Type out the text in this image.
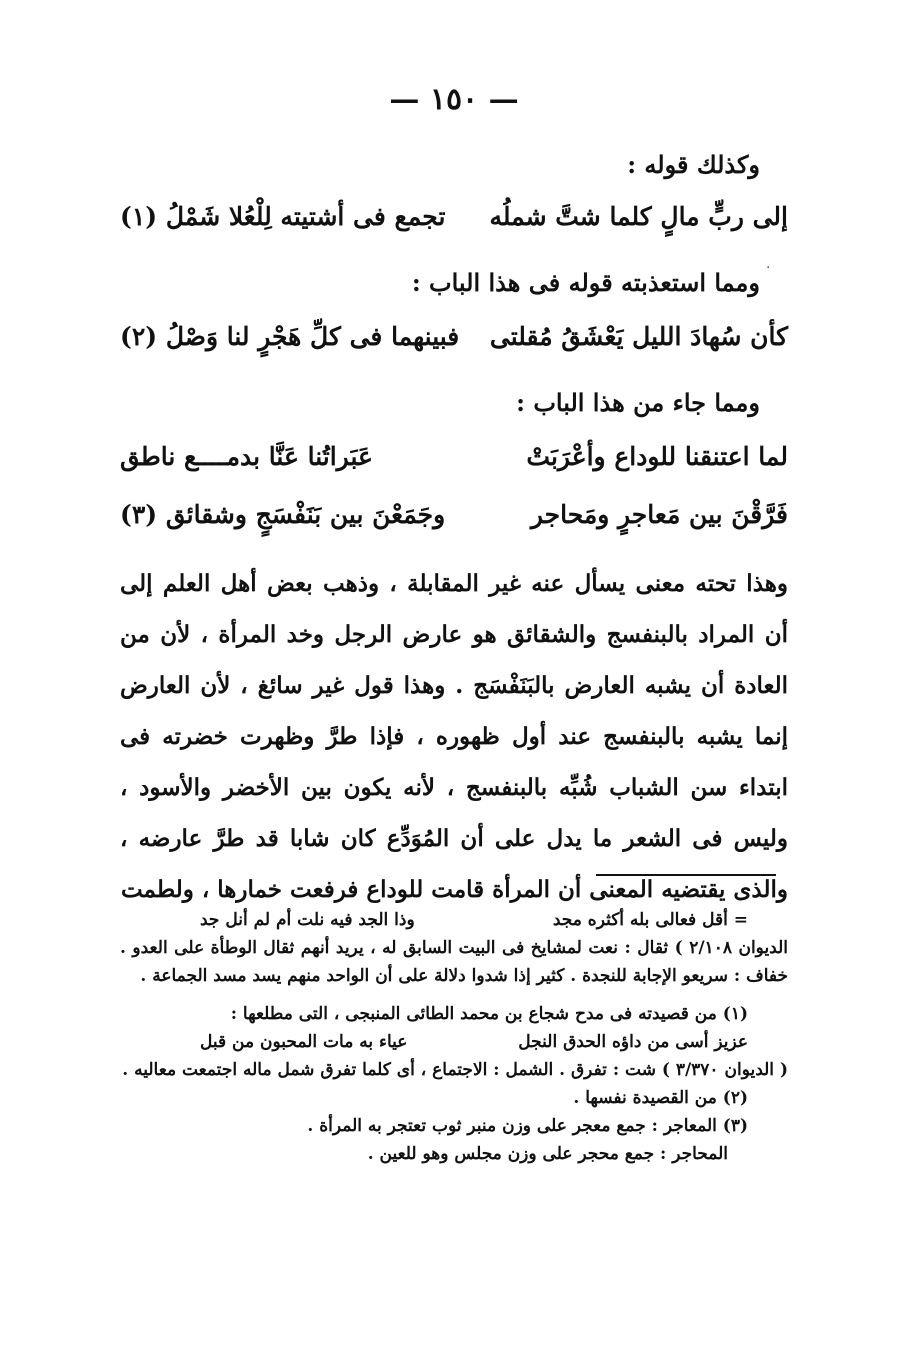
— ١٥٠ —
وكذلك قوله :
إلى ربٍّ مالٍ كلما شتَّ شملُه
تجمع فى أشتيته لِلْعُلا شَمْلُ (١)
ومما استعذبته قوله فى هذا الباب :
كأن سُهادَ الليل يَعْشَقُ مُقلتى
فبينهما فى كلِّ هَجْرٍ لنا وَصْلُ (٢)
ومما جاء من هذا الباب :
لما اعتنقنا للوداع وأعْرَبَتْ
عَبَراتُنا عَنَّا بدمــــع ناطق
فَرَّقْنَ بين مَعاجرٍ ومَحاجر
وجَمَعْنَ بين بَنَفْسَجٍ وشقائق (٣)

وهذا تحته معنى يسأل عنه غير المقابلة ، وذهب بعض أهل العلم إلى أن المراد بالبنفسج والشقائق هو عارض الرجل وخد المرأة ، لأن من العادة أن يشبه العارض بالبَنَفْسَج . وهذا قول غير سائغ ، لأن العارض إنما يشبه بالبنفسج عند أول ظهوره ، فإذا طرَّ وظهرت خضرته فى ابتداء سن الشباب شُبِّه بالبنفسج ، لأنه يكون بين الأخضر والأسود ، وليس فى الشعر ما يدل على أن المُوَدِّع كان شابا قد طرَّ عارضه ، والذى يقتضيه المعنى أن المرأة قامت للوداع فرفعت خمارها ، ولطمت

= أقل فعالى بله أكثره مجد
وذا الجد فيه نلت أم لم أنل جد

الديوان ٢/١٠٨ ) ثقال : نعت لمشايخ فى البيت السابق له ، يريد أنهم ثقال الوطأة على العدو . خفاف : سريعو الإجابة للنجدة . كثير إذا شدوا دلالة على أن الواحد منهم يسد مسد الجماعة .

(١) من قصيدته فى مدح شجاع بن محمد الطائى المنبجى ، التى مطلعها :

عزيز أسى من داؤه الحدق النجل
عياء به مات المحبون من قبل

( الديوان ٣/٣٧٠ ) شت : تفرق . الشمل : الاجتماع ، أى كلما تفرق شمل ماله اجتمعت معاليه .

(٢) من القصيدة نفسها .

(٣) المعاجر : جمع معجر على وزن منبر ثوب تعتجر به المرأة .

المحاجر : جمع محجر على وزن مجلس وهو للعين .

·
